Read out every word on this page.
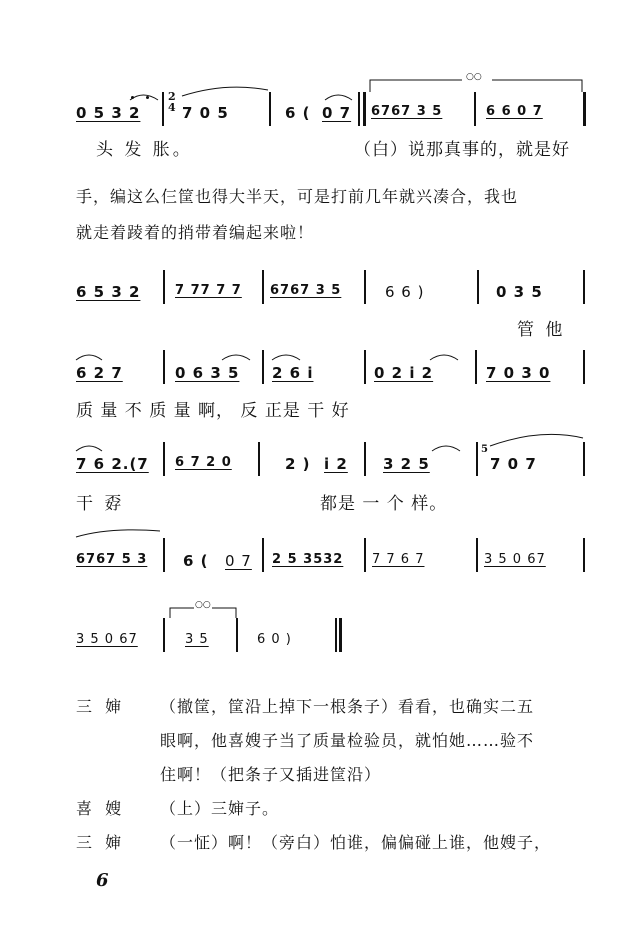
0 5 3 2
2
4 7 0 5	6 ( 0 7 6767 3 5	6 6 0 7
○○
头 发 胀。	（白）说那真事的，就是好
手，编这么仨筐也得大半天，可是打前几年就兴凑合，我也
就走着踜着的捎带着编起来啦！
6 5 3 2	7 77 7 7 6767 3 5	6 6 )	0 3 5
管 他
6 2 7	0 6 3 5 2 6 i	0 2 i 2	7 0 3 0
质 量 不 质 量 啊， 反 正是 干 好
7 6 2.(7 6 7 2 0	2 ) i 2 3 2 5
5
7 0 7
干 孬	都是 一 个 样。
6767 5 3 6 ( 0 7 2 5 3532 7 7 6 7	3 5 0 67
3 5 0 67	3 5	6 0 )
○○
三 婶 （撤筐，筐沿上掉下一根条子）看看，也确实二五
眼啊，他喜嫂子当了质量检验员，就怕她……验不
住啊！（把条子又插进筐沿）
喜 嫂 （上）三婶子。
三 婶 （一怔）啊！（旁白）怕谁，偏偏碰上谁，他嫂子，
6
